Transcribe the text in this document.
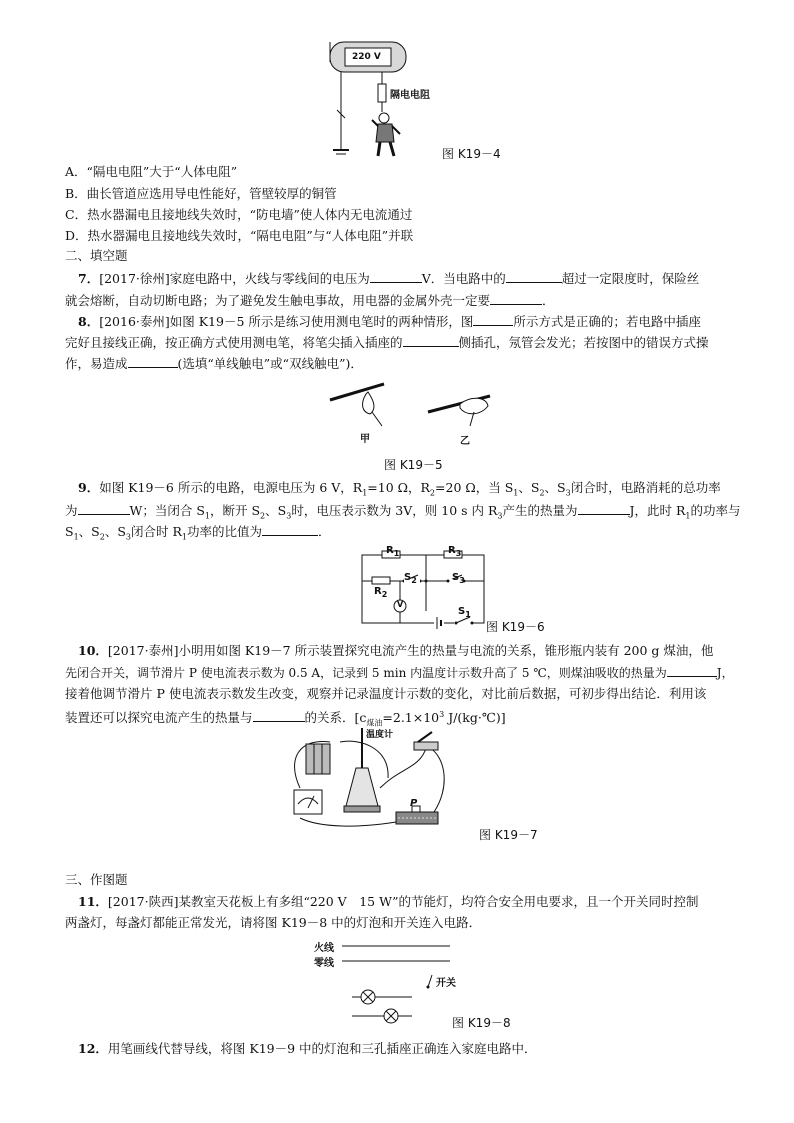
220 V
隔电电阻
图 K19－4
A．“隔电电阻”大于“人体电阻”
B．曲长管道应选用导电性能好，管壁较厚的铜管
C．热水器漏电且接地线失效时，“防电墙”使人体内无电流通过
D．热水器漏电且接地线失效时，“隔电电阻”与“人体电阻”并联
二、填空题
7．[2017·徐州]家庭电路中，火线与零线间的电压为	V．当电路中的	超过一定限度时，保险丝
就会熔断，自动切断电路；为了避免发生触电事故，用电器的金属外壳一定要	．
8．[2016·泰州]如图 K19－5 所示是练习使用测电笔时的两种情形，图	所示方式是正确的；若电路中插座
完好且接线正确，按正确方式使用测电笔，将笔尖插入插座的	侧插孔，氖管会发光；若按图中的错误方式操
作，易造成	(选填“单线触电”或“双线触电”)．
甲	乙
图 K19－5
9．如图 K19－6 所示的电路，电源电压为 6 V，$R_1=10$ Ω，$R_2=20$ Ω，当 $S_1$、$S_2$、$S_3$闭合时，电路消耗的总功率
为	W；当闭合 $S_1$，断开 $S_2$、$S_3$时，电压表示数为 3V，则 10 s 内 $R_3$产生的热量为	J，此时 $R_1$的功率与
$S_1$、$S_2$、$S_3$闭合时 $R_1$功率的比值为	．
$R_1$	$R_3$
$R_2$
$S_2$	$S_3$
$S_1$
V
图 K19－6
10．[2017·泰州]小明用如图 K19－7 所示装置探究电流产生的热量与电流的关系，锥形瓶内装有 200 g 煤油，他
先闭合开关，调节滑片 P 使电流表示数为 0.5 A，记录到 5 min 内温度计示数升高了 5 ℃，则煤油吸收的热量为	J，
接着他调节滑片 P 使电流表示数发生改变，观察并记录温度计示数的变化，对比前后数据，可初步得出结论．利用该
装置还可以探究电流产生的热量与	的关系．[$c_{煤油}=2.1\times 10^3$ J/(kg·℃)]
温度计
P
图 K19－7
三、作图题
11．[2017·陕西]某教室天花板上有多组“220 V　15 W”的节能灯，均符合安全用电要求，且一个开关同时控制
两盏灯，每盏灯都能正常发光，请将图 K19－8 中的灯泡和开关连入电路．
火线
零线
开关
图 K19－8
12．用笔画线代替导线，将图 K19－9 中的灯泡和三孔插座正确连入家庭电路中．
